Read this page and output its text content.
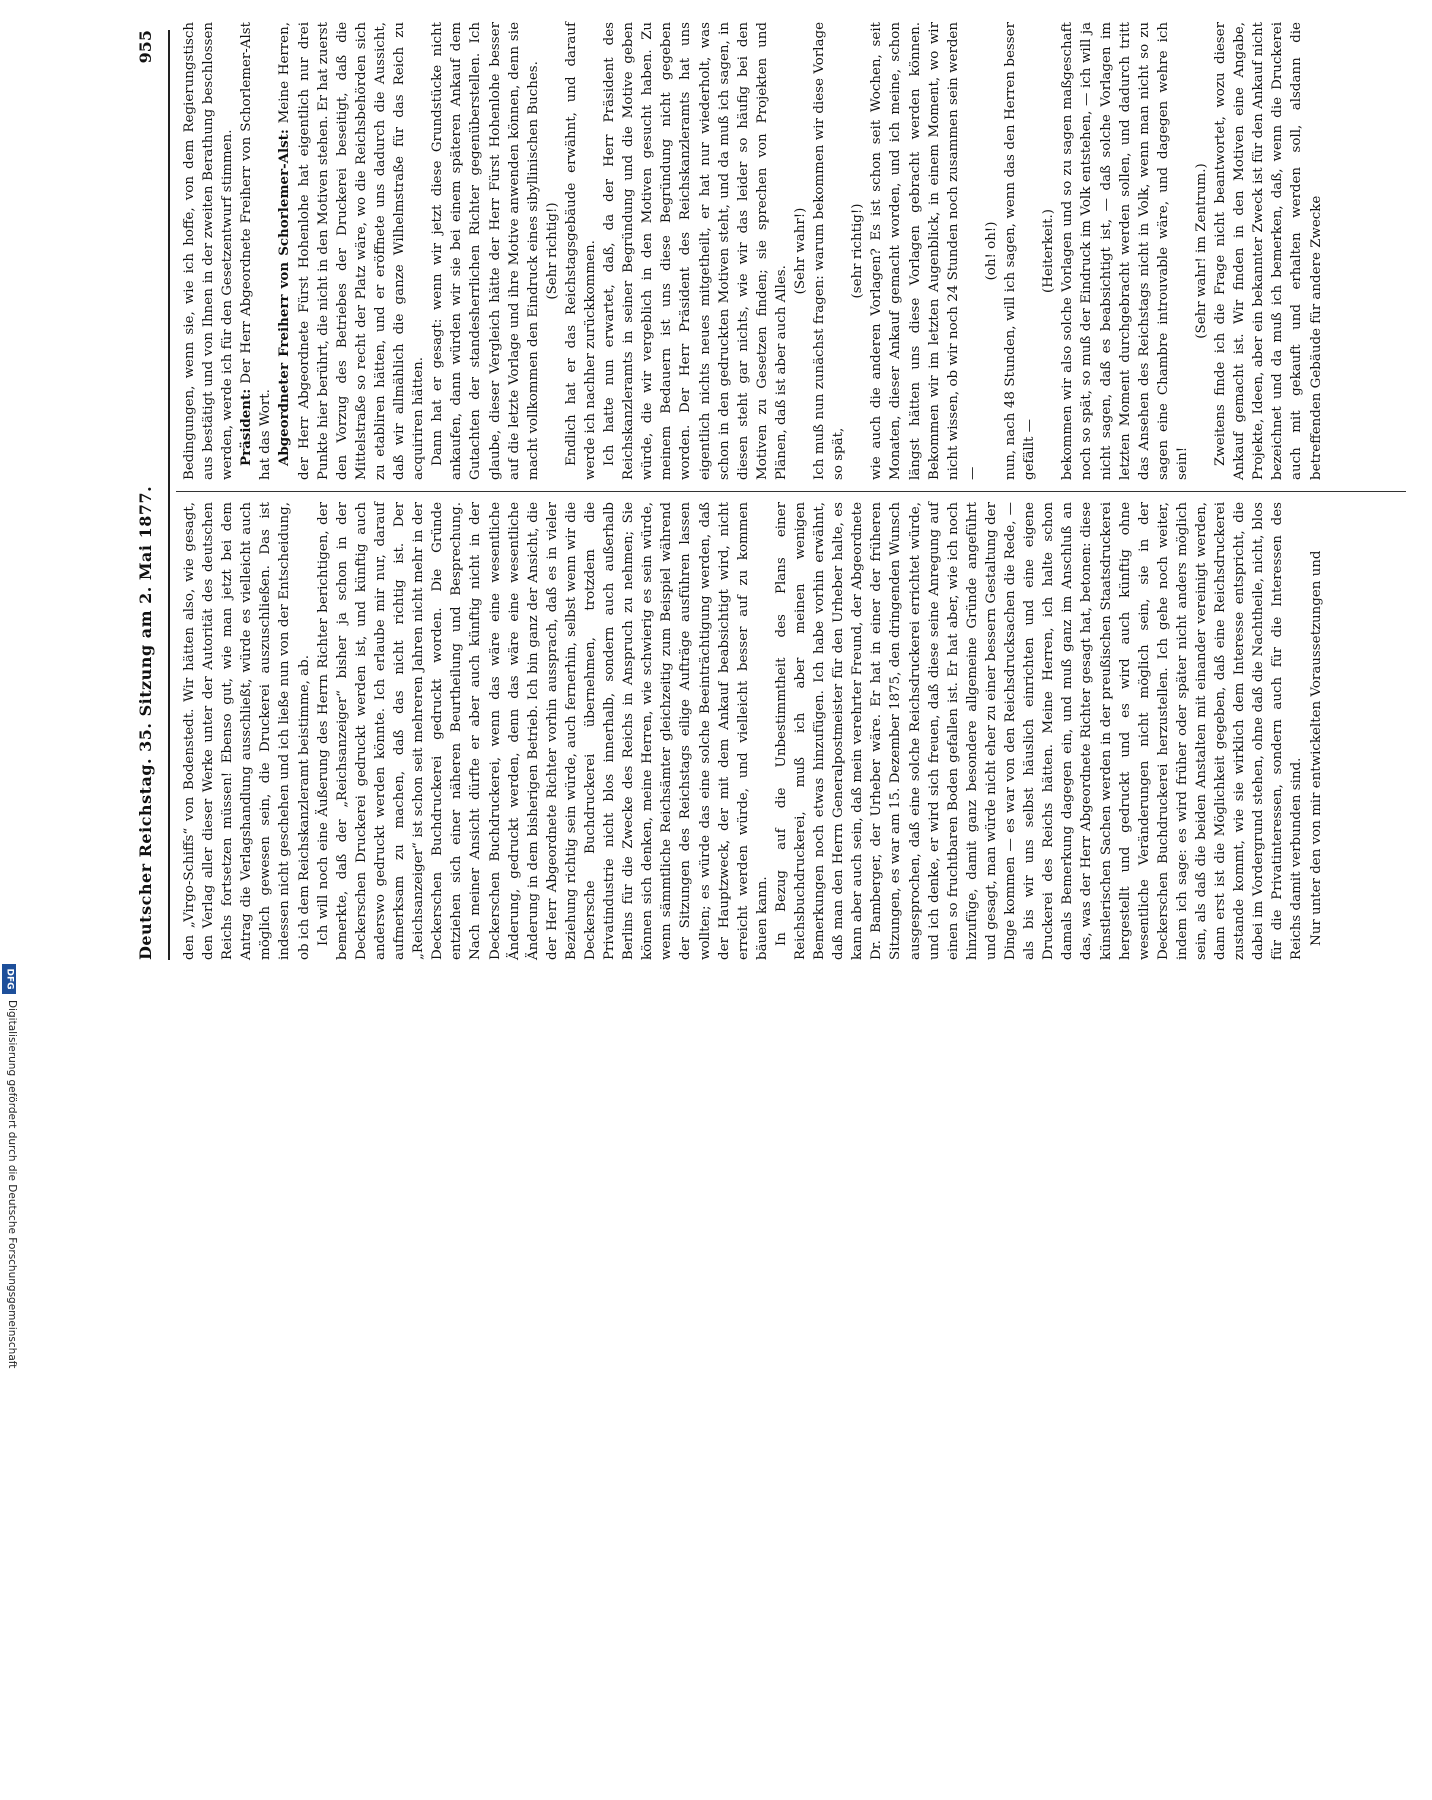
Deutscher Reichstag. 35. Sitzung am 2. Mai 1877.
955

den „Virgo-Schiffs“ von Bodenstedt. Wir hätten also, wie gesagt, den Verlag aller dieser Werke unter der Autorität des deutschen Reichs fortsetzen müssen! Ebenso gut, wie man jetzt bei dem Antrag die Verlagshandlung ausschließt, würde es vielleicht auch möglich gewesen sein, die Druckerei auszuschließen. Das ist indessen nicht geschehen und ich ließe nun von der Entscheidung, ob ich dem Reichskanzleramt beistimme, ab. Ich will noch eine Äußerung des Herrn Richter berichtigen, der bemerkte, daß der „Reichsanzeiger“ bisher ja schon in der Deckerschen Druckerei gedruckt werden ist, und künftig auch anderswo gedruckt werden könnte. Ich erlaube mir nur, darauf aufmerksam zu machen, daß das nicht richtig ist. Der „Reichsanzeiger“ ist schon seit mehreren Jahren nicht mehr in der Deckerschen Buchdruckerei gedruckt worden. Die Gründe entziehen sich einer näheren Beurtheilung und Besprechung. Nach meiner Ansicht dürfte er aber auch künftig nicht in der Deckerschen Buchdruckerei, wenn das wäre eine wesentliche Änderung, gedruckt werden, denn das wäre eine wesentliche Änderung in dem bisherigen Betrieb. Ich bin ganz der Ansicht, die der Herr Abgeordnete Richter vorhin aussprach, daß es in vieler Beziehung richtig sein würde, auch fernerhin, selbst wenn wir die Deckersche Buchdruckerei übernehmen, trotzdem die Privatindustrie nicht blos innerhalb, sondern auch außerhalb Berlins für die Zwecke des Reichs in Anspruch zu nehmen; Sie können sich denken, meine Herren, wie schwierig es sein würde, wenn sämmtliche Reichsämter gleichzeitig zum Beispiel während der Sitzungen des Reichstags eilige Aufträge ausführen lassen wollten; es würde das eine solche Beeinträchtigung werden, daß der Hauptzweck, der mit dem Ankauf beabsichtigt wird, nicht erreicht werden würde, und vielleicht besser auf zu kommen bäuen kann. In Bezug auf die Unbestimmtheit des Plans einer Reichsbuchdruckerei, muß ich aber meinen wenigen Bemerkungen noch etwas hinzufügen. Ich habe vorhin erwähnt, daß man den Herrn Generalpostmeister für den Urheber halte, es kann aber auch sein, daß mein verehrter Freund, der Abgeordnete Dr. Bamberger, der Urheber wäre. Er hat in einer der früheren Sitzungen, es war am 15. Dezember 1875, den dringenden Wunsch ausgesprochen, daß eine solche Reichsdruckerei errichtet würde, und ich denke, er wird sich freuen, daß diese seine Anregung auf einen so fruchtbaren Boden gefallen ist. Er hat aber, wie ich noch hinzufüge, damit ganz besondere allgemeine Gründe angeführt und gesagt, man würde nicht eher zu einer bessern Gestaltung der Dinge kommen — es war von den Reichsdrucksachen die Rede, — als bis wir uns selbst häuslich einrichten und eine eigene Druckerei des Reichs hätten. Meine Herren, ich halte schon damals Bemerkung dagegen ein, und muß ganz im Anschluß an das, was der Herr Abgeordnete Richter gesagt hat, betonen: diese künstlerischen Sachen werden in der preußischen Staatsdruckerei hergestellt und gedruckt und es wird auch künftig ohne wesentliche Veränderungen nicht möglich sein, sie in der Deckerschen Buchdruckerei herzustellen. Ich gehe noch weiter, indem ich sage: es wird früher oder später nicht anders möglich sein, als daß die beiden Anstalten mit einander vereinigt werden, dann erst ist die Möglichkeit gegeben, daß eine Reichsdruckerei zustande kommt, wie sie wirklich dem Interesse entspricht, die dabei im Vordergrund stehen, ohne daß die Nachtheile, nicht, blos für die Privatinteressen, sondern auch für die Interessen des Reichs damit verbunden sind. Nur unter den von mir entwickelten Voraussetzungen und

Bedingungen, wenn sie, wie ich hoffe, von dem Regierungstisch aus bestätigt und von Ihnen in der zweiten Berathung beschlossen werden, werde ich für den Gesetzentwurf stimmen. Präsident: Der Herr Abgeordnete Freiherr von Schorlemer-Alst hat das Wort. Abgeordneter Freiherr von Schorlemer-Alst: Meine Herren, der Herr Abgeordnete Fürst Hohenlohe hat eigentlich nur drei Punkte hier berührt, die nicht in den Motiven stehen. Er hat zuerst den Vorzug des Betriebes der Druckerei beseitigt, daß die Mittelstraße so recht der Platz wäre, wo die Reichsbehörden sich zu etabliren hätten, und er eröffnete uns dadurch die Aussicht, daß wir allmählich die ganze Wilhelmstraße für das Reich zu acquiriren hätten. Dann hat er gesagt: wenn wir jetzt diese Grundstücke nicht ankaufen, dann würden wir sie bei einem späteren Ankauf dem Gutachten der standesherrlichen Richter gegenüberstellen. Ich glaube, dieser Vergleich hätte der Herr Fürst Hohenlohe besser auf die letzte Vorlage und ihre Motive anwenden können, denn sie macht vollkommen den Eindruck eines sibyllinischen Buches. (Sehr richtig!) Endlich hat er das Reichstagsgebäude erwähnt, und darauf werde ich nachher zurückkommen. Ich hatte nun erwartet, daß, da der Herr Präsident des Reichskanzleramts in seiner Begründung und die Motive geben würde, die wir vergeblich in den Motiven gesucht haben. Zu meinem Bedauern ist uns diese Begründung nicht gegeben worden. Der Herr Präsident des Reichskanzleramts hat uns eigentlich nichts neues mitgetheilt, er hat nur wiederholt, was schon in den gedruckten Motiven steht, und da muß ich sagen, in diesen steht gar nichts, wie wir das leider so häufig bei den Motiven zu Gesetzen finden; sie sprechen von Projekten und Plänen, daß ist aber auch Alles.

(Sehr wahr!) Ich muß nun zunächst fragen: warum bekommen wir diese Vorlage so spät,

(sehr richtig!) wie auch die anderen Vorlagen? Es ist schon seit Wochen, seit Monaten, dieser Ankauf gemacht worden, und ich meine, schon längst hätten uns diese Vorlagen gebracht werden können. Bekommen wir im letzten Augenblick, in einem Moment, wo wir nicht wissen, ob wir noch 24 Stunden noch zusammen sein werden —

(oh! oh!) nun, nach 48 Stunden, will ich sagen, wenn das den Herren besser gefällt —

(Heiterkeit.) bekommen wir also solche Vorlagen und so zu sagen maßgeschaft noch so spät, so muß der Eindruck im Volk entstehen, — ich will ja nicht sagen, daß es beabsichtigt ist, — daß solche Vorlagen im letzten Moment durchgebracht werden sollen, und dadurch tritt das Ansehen des Reichstags nicht in Volk, wenn man nicht so zu sagen eine Chambre introuvable wäre, und dagegen wehre ich sein!

(Sehr wahr! im Zentrum.) Zweitens finde ich die Frage nicht beantwortet, wozu dieser Ankauf gemacht ist. Wir finden in den Motiven eine Angabe, Projekte, Ideen, aber ein bekannter Zweck ist für den Ankauf nicht bezeichnet und da muß ich bemerken, daß, wenn die Druckerei auch mit gekauft und erhalten werden soll, alsdann die betreffenden Gebäude für andere Zwecke

Digitalisierung gefördert durch die Deutsche Forschungsgemeinschaft
DFG
